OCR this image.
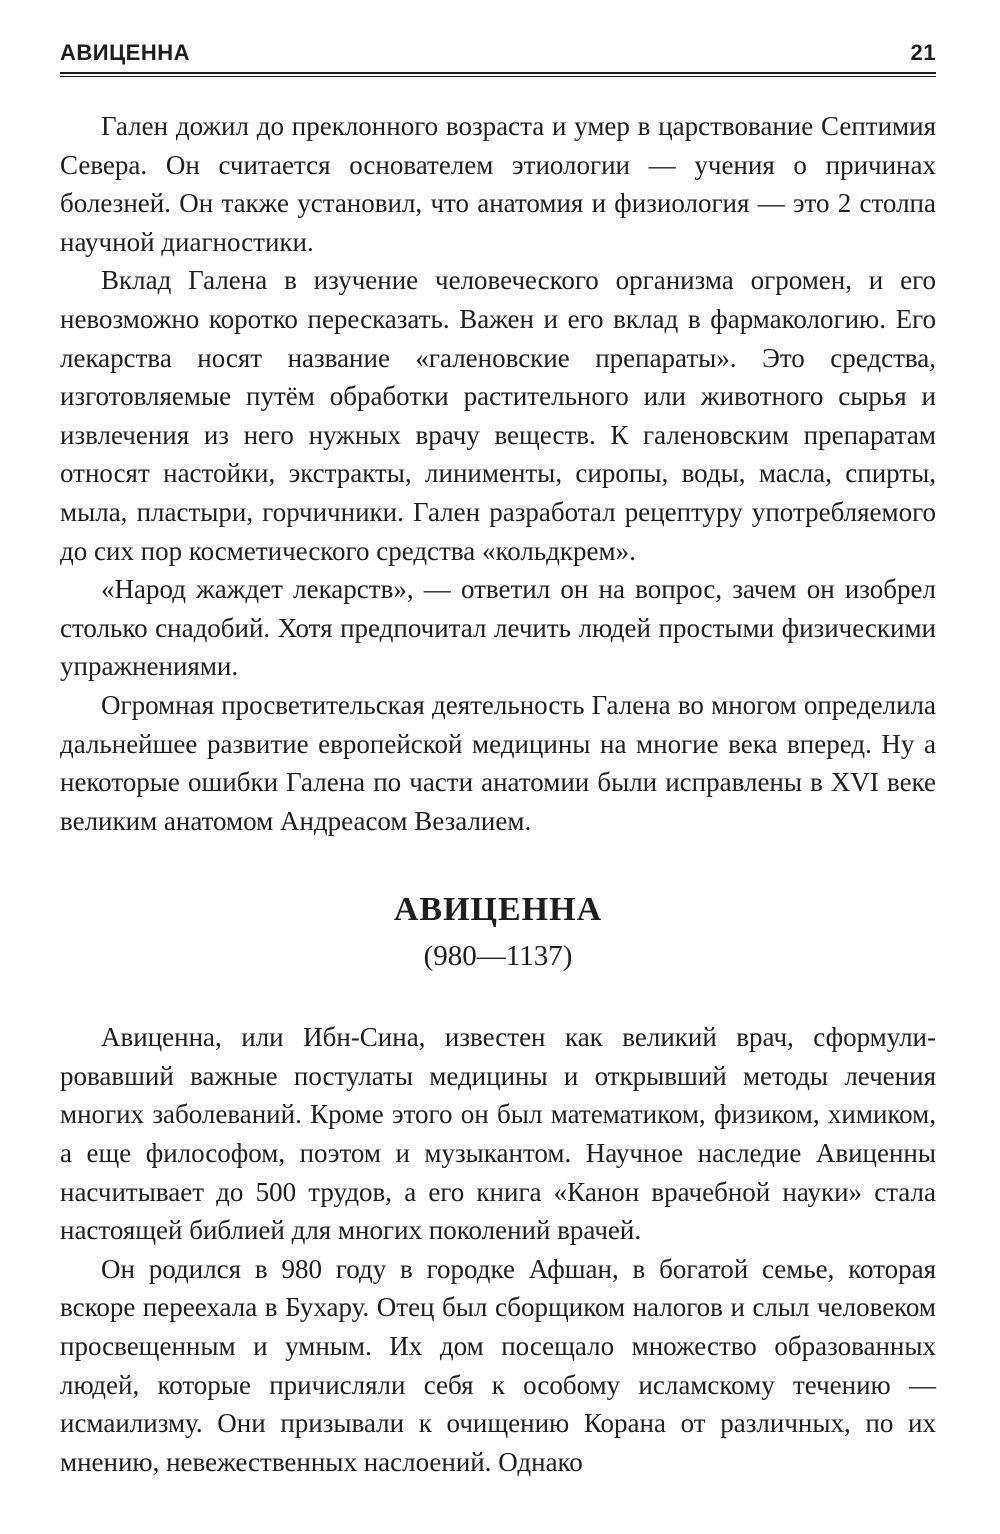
АВИЦЕННА	21

Гален дожил до преклонного возраста и умер в царствование Септимия Севера. Он считается основателем этиологии — учения о причинах болезней. Он также установил, что анатомия и физиология — это 2 столпа научной диагностики.

Вклад Галена в изучение человеческого организма огромен, и его невозможно коротко пересказать. Важен и его вклад в фармакологию. Его лекарства носят название «галеновские препараты». Это средства, изготовляемые путём обработки растительного или животного сырья и извлечения из него нужных врачу веществ. К галеновским препаратам относят настойки, экстракты, линименты, сиропы, воды, масла, спирты, мыла, пластыри, горчичники. Гален разработал рецептуру употребляемого до сих пор косметического средства «кольдкрем».

«Народ жаждет лекарств», — ответил он на вопрос, зачем он изобрел столько снадобий. Хотя предпочитал лечить людей простыми физическими упражнениями.

Огромная просветительская деятельность Галена во многом определила дальнейшее развитие европейской медицины на многие века вперед. Ну а некоторые ошибки Галена по части анатомии были исправлены в XVI веке великим анатомом Андреасом Везалием.

АВИЦЕННА
(980—1137)

Авиценна, или Ибн-Сина, известен как великий врач, сформулировавший важные постулаты медицины и открывший методы лечения многих заболеваний. Кроме этого он был математиком, физиком, химиком, а еще философом, поэтом и музыкантом. Научное наследие Авиценны насчитывает до 500 трудов, а его книга «Канон врачебной науки» стала настоящей библией для многих поколений врачей.

Он родился в 980 году в городке Афшан, в богатой семье, которая вскоре переехала в Бухару. Отец был сборщиком налогов и слыл человеком просвещенным и умным. Их дом посещало множество образованных людей, которые причисляли себя к особому исламскому течению — исмаилизму. Они призывали к очищению Корана от различных, по их мнению, невежественных наслоений. Однако
